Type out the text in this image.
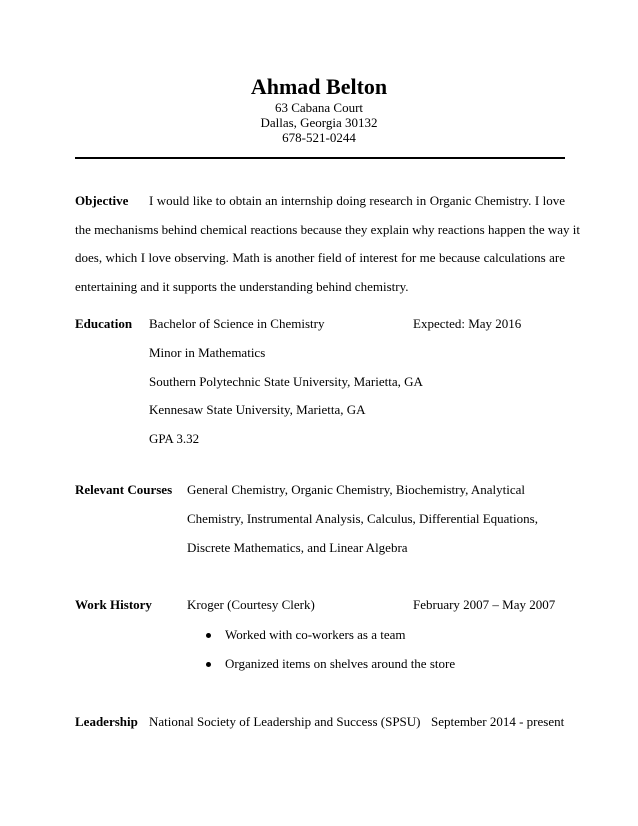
Ahmad Belton
63 Cabana Court
Dallas, Georgia 30132
678-521-0244
Objective I would like to obtain an internship doing research in Organic Chemistry. I love
the mechanisms behind chemical reactions because they explain why reactions happen the way it
does, which I love observing. Math is another field of interest for me because calculations are
entertaining and it supports the understanding behind chemistry.
Education Bachelor of Science in Chemistry	Expected: May 2016
Minor in Mathematics
Southern Polytechnic State University, Marietta, GA
Kennesaw State University, Marietta, GA
GPA 3.32
Relevant Courses General Chemistry, Organic Chemistry, Biochemistry, Analytical
Chemistry, Instrumental Analysis, Calculus, Differential Equations,
Discrete Mathematics, and Linear Algebra
Work History	Kroger (Courtesy Clerk)	February 2007 – May 2007
Worked with co-workers as a team
Organized items on shelves around the store
Leadership National Society of Leadership and Success (SPSU) September 2014 - present
